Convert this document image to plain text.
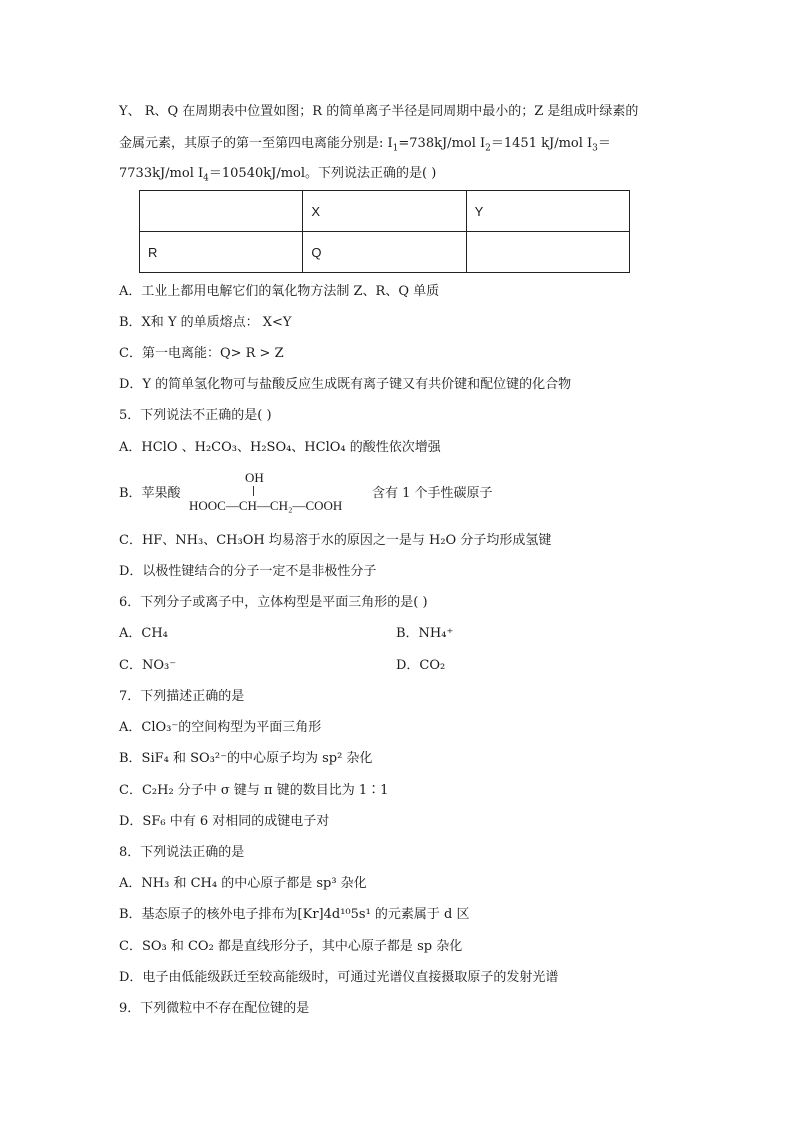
Y、 R、Q 在周期表中位置如图；R 的简单离子半径是同周期中最小的；Z 是组成叶绿素的
金属元素，其原子的第一至第四电离能分别是: $I_1=738kJ$/mol $I_2=1451$ kJ/mol $I_3=$
7733kJ/mol $I_4=10540kJ$/mol。下列说法正确的是( )
	X	Y
R	Q	
A．工业上都用电解它们的氧化物方法制 Z、R、Q 单质
B．X和 Y 的单质熔点： X<Y
C．第一电离能：Q> R > Z
D．Y 的简单氢化物可与盐酸反应生成既有离子键又有共价键和配位键的化合物
5．下列说法不正确的是( )
A．HClO 、H₂CO₃、H₂SO₄、HClO₄ 的酸性依次增强
B．苹果酸
OH
HOOC—CH—CH₂—COOH
含有 1 个手性碳原子
C．HF、NH₃、CH₃OH 均易溶于水的原因之一是与 H₂O 分子均形成氢键
D．以极性键结合的分子一定不是非极性分子
6．下列分子或离子中，立体构型是平面三角形的是( )
A．CH₄	B．NH₄⁺
C．NO₃⁻	D．CO₂
7．下列描述正确的是
A．ClO₃⁻的空间构型为平面三角形
B．SiF₄ 和 SO₃²⁻的中心原子均为 sp² 杂化
C．C₂H₂ 分子中 σ 键与 π 键的数目比为 1∶1
D．SF₆ 中有 6 对相同的成键电子对
8．下列说法正确的是
A．NH₃ 和 CH₄ 的中心原子都是 sp³ 杂化
B．基态原子的核外电子排布为[Kr]4d¹⁰5s¹ 的元素属于 d 区
C．SO₃ 和 CO₂ 都是直线形分子，其中心原子都是 sp 杂化
D．电子由低能级跃迁至较高能级时，可通过光谱仪直接摄取原子的发射光谱
9．下列微粒中不存在配位键的是
